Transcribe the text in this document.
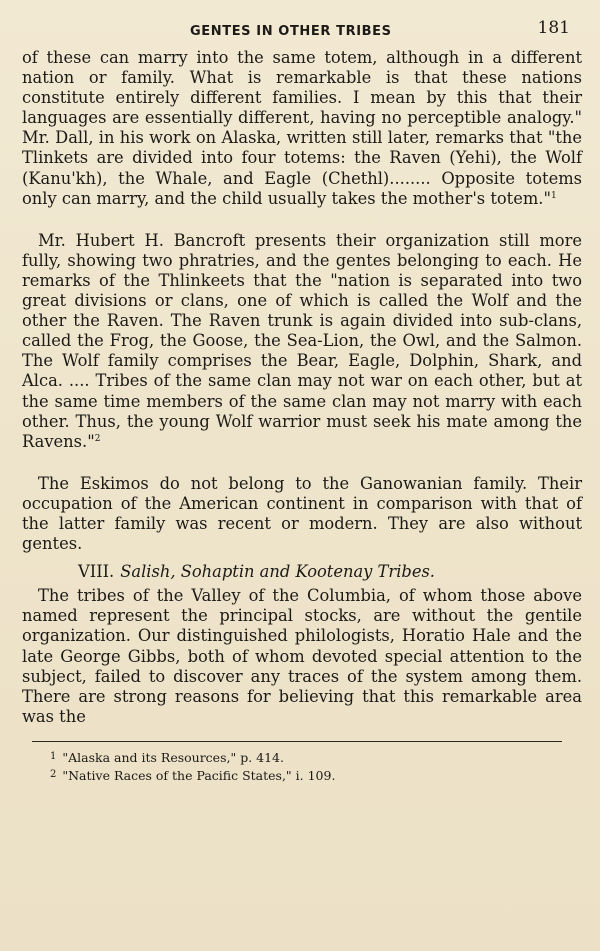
GENTES IN OTHER TRIBES	181

of these can marry into the same totem, although in a different nation or family. What is remarkable is that these nations constitute entirely different families. I mean by this that their languages are essentially different, having no perceptible analogy." Mr. Dall, in his work on Alaska, written still later, remarks that "the Tlinkets are divided into four totems: the Raven (Yehi), the Wolf (Kanu'kh), the Whale, and Eagle (Chethl)........ Opposite totems only can marry, and the child usually takes the mother's totem."$^1$

Mr. Hubert H. Bancroft presents their organization still more fully, showing two phratries, and the gentes belonging to each. He remarks of the Thlinkeets that the "nation is separated into two great divisions or clans, one of which is called the Wolf and the other the Raven. The Raven trunk is again divided into sub-clans, called the Frog, the Goose, the Sea-Lion, the Owl, and the Salmon. The Wolf family comprises the Bear, Eagle, Dolphin, Shark, and Alca. .... Tribes of the same clan may not war on each other, but at the same time members of the same clan may not marry with each other. Thus, the young Wolf warrior must seek his mate among the Ravens."$^2$

The Eskimos do not belong to the Ganowanian family. Their occupation of the American continent in comparison with that of the latter family was recent or modern. They are also without gentes.

VIII. Salish, Sohaptin and Kootenay Tribes.

The tribes of the Valley of the Columbia, of whom those above named represent the principal stocks, are without the gentile organization. Our distinguished philologists, Horatio Hale and the late George Gibbs, both of whom devoted special attention to the subject, failed to discover any traces of the system among them. There are strong reasons for believing that this remarkable area was the

$^1$ "Alaska and its Resources," p. 414.
$^2$ "Native Races of the Pacific States," i. 109.
